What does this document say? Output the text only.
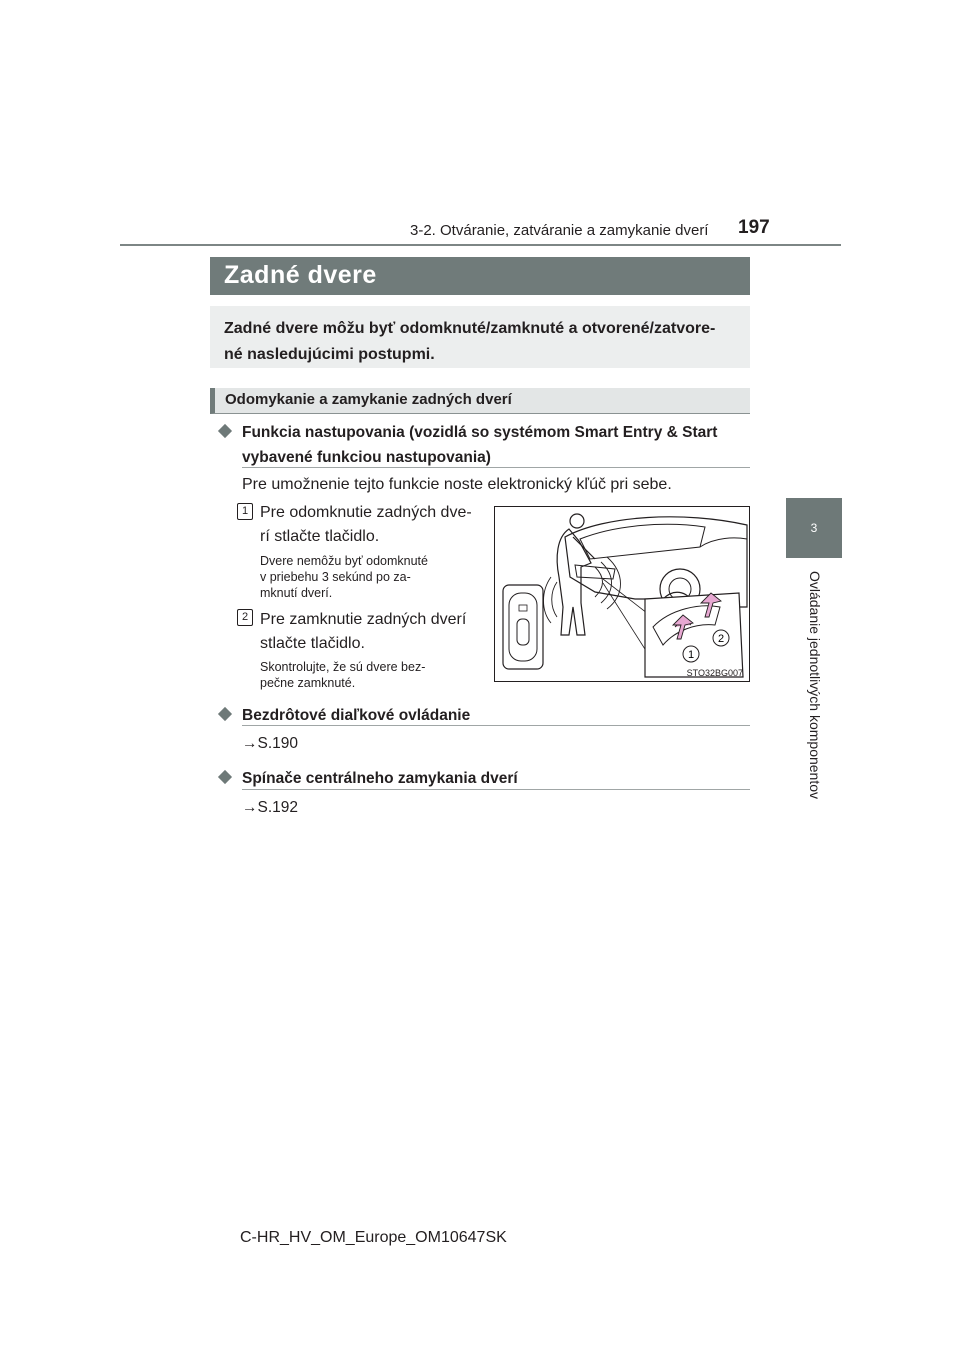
3-2. Otváranie, zatváranie a zamykanie dverí 197
3
Ovládanie jednotlivých komponentov
Zadné dvere
Zadné dvere môžu byť odomknuté/zamknuté a otvorené/zatvore-
né nasledujúcimi postupmi.
Odomykanie a zamykanie zadných dverí
Funkcia nastupovania (vozidlá so systémom Smart Entry & Start
vybavené funkciou nastupovania)
Pre umožnenie tejto funkcie noste elektronický kľúč pri sebe.
1 Pre odomknutie zadných dve-
rí stlačte tlačidlo.
Dvere nemôžu byť odomknuté
v priebehu 3 sekúnd po za-
mknutí dverí.
2 Pre zamknutie zadných dverí
stlačte tlačidlo.
Skontrolujte, že sú dvere bez-
pečne zamknuté.
1
2
STO32BG007
Bezdrôtové diaľkové ovládanie
→S.190
Spínače centrálneho zamykania dverí
→S.192
C-HR_HV_OM_Europe_OM10647SK
